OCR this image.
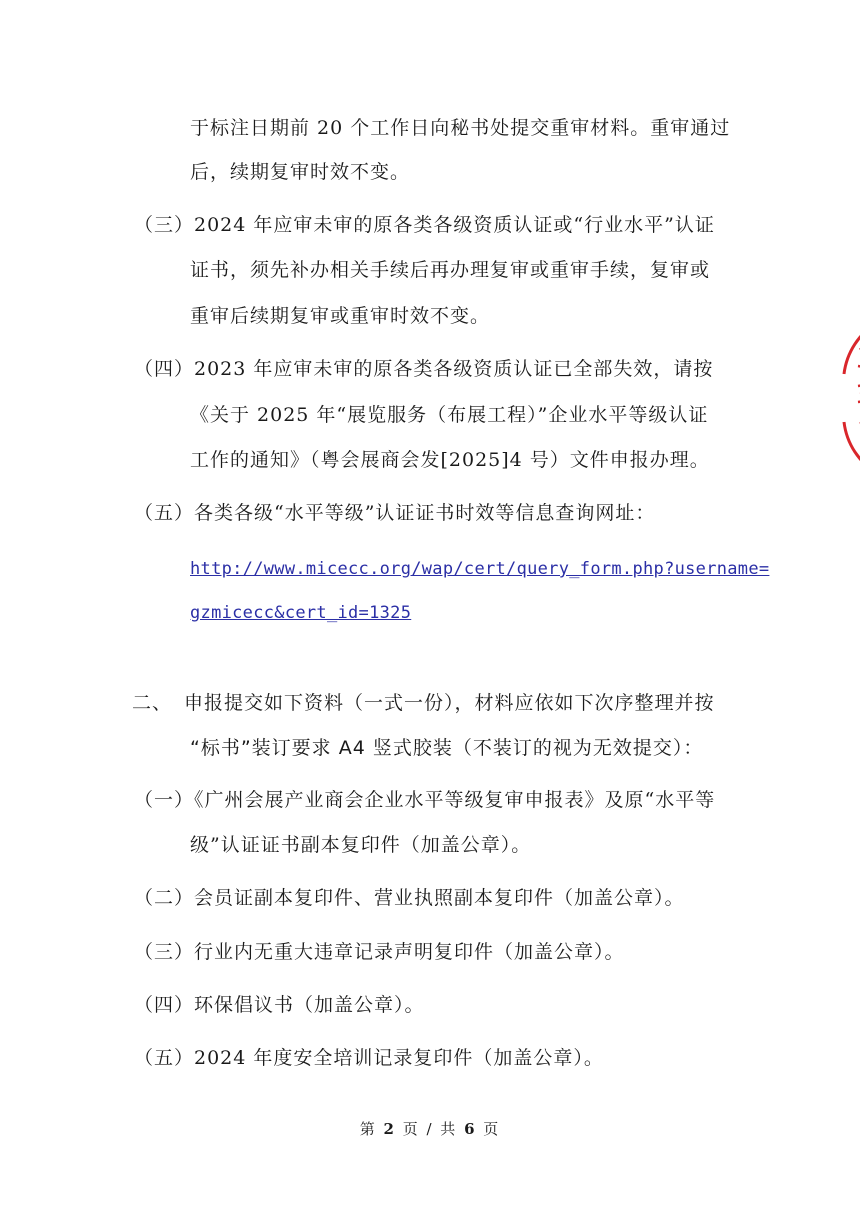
于标注日期前 20 个工作日向秘书处提交重审材料。重审通过
后，续期复审时效不变。
（三）2024 年应审未审的原各类各级资质认证或“行业水平”认证
证书，须先补办相关手续后再办理复审或重审手续，复审或
重审后续期复审或重审时效不变。
（四）2023 年应审未审的原各类各级资质认证已全部失效，请按
《关于 2025 年“展览服务（布展工程）”企业水平等级认证
工作的通知》（粤会展商会发[2025]4 号）文件申报办理。
（五）各类各级“水平等级”认证证书时效等信息查询网址：
http://www.micecc.org/wap/cert/query_form.php?username=
gzmicecc&cert_id=1325
二、 申报提交如下资料（一式一份），材料应依如下次序整理并按
“标书”装订要求 A4 竖式胶装（不装订的视为无效提交）：
（一）《广州会展产业商会企业水平等级复审申报表》及原“水平等
级”认证证书副本复印件（加盖公章）。
（二）会员证副本复印件、营业执照副本复印件（加盖公章）。
（三）行业内无重大违章记录声明复印件（加盖公章）。
（四）环保倡议书（加盖公章）。
（五）2024 年度安全培训记录复印件（加盖公章）。
第 2 页 / 共 6 页
